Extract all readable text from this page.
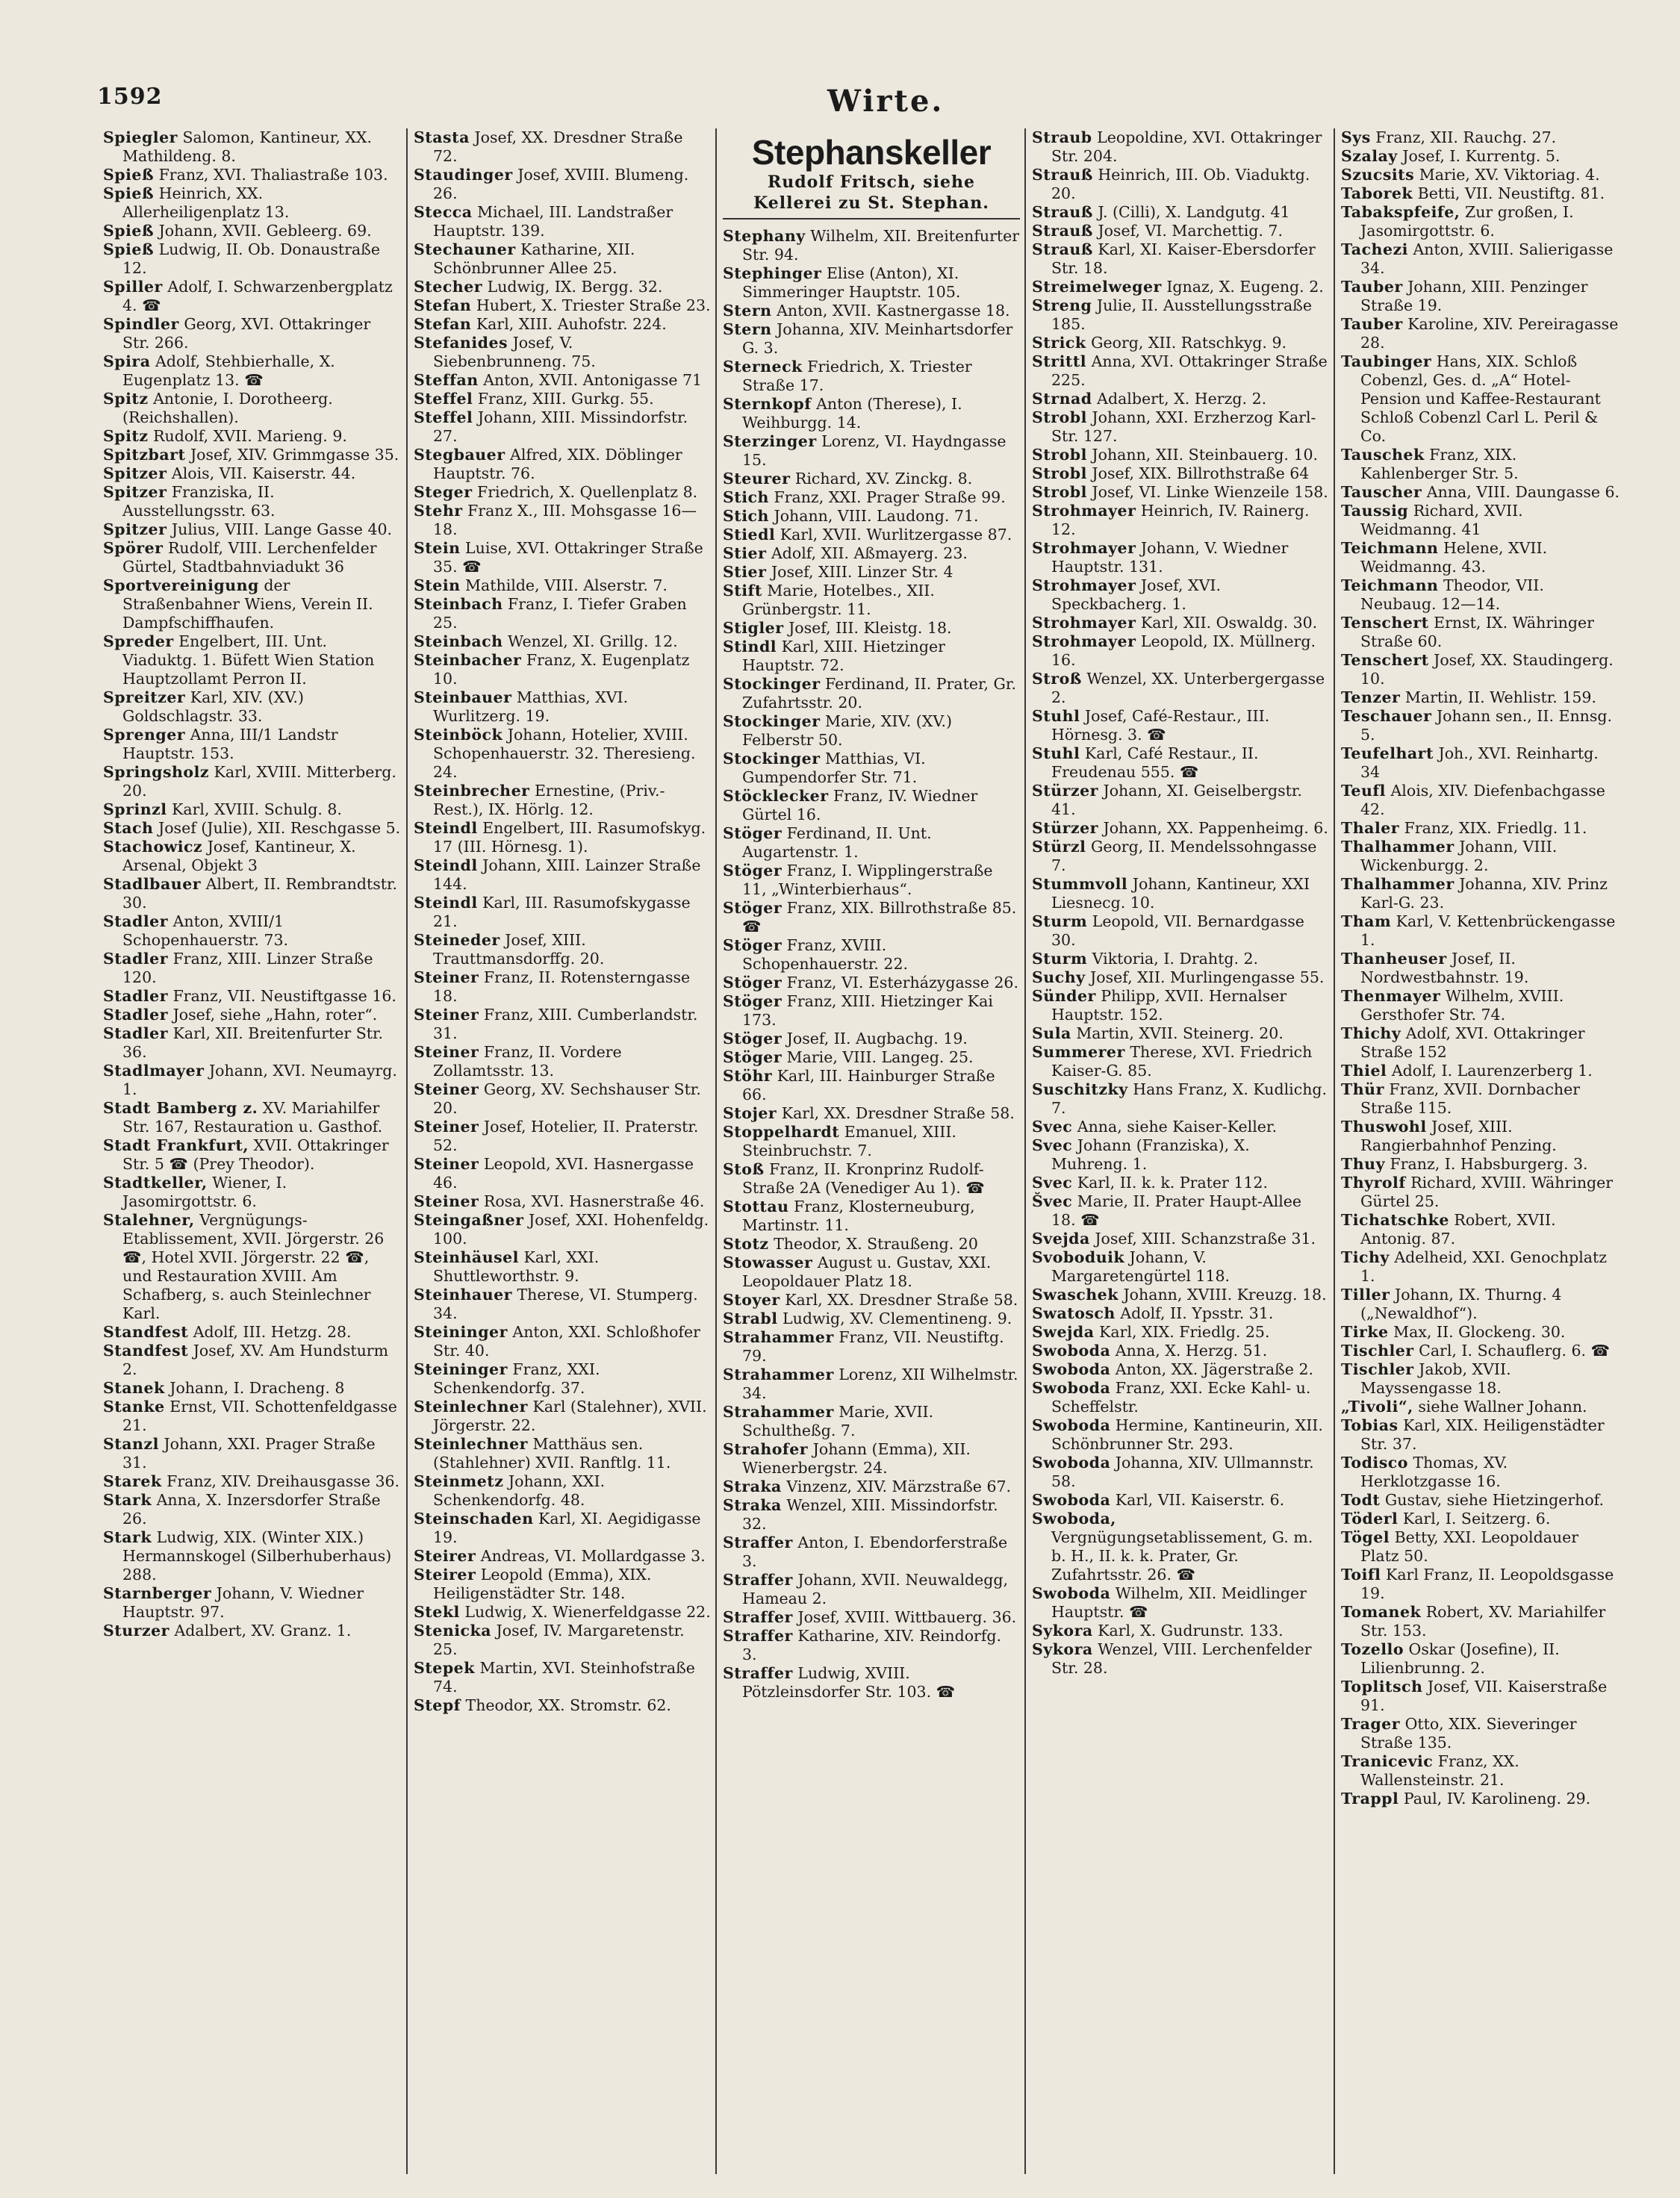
1592	Wirte.
Spiegler Salomon, Kantineur, XX. Mathildeng. 8.
Spieß Franz, XVI. Thaliastraße 103.
Spieß Heinrich, XX. Allerheiligenplatz 13.
Spieß Johann, XVII. Gebleerg. 69.
Spieß Ludwig, II. Ob. Donaustraße 12.
Spiller Adolf, I. Schwarzenbergplatz 4. ☎
Spindler Georg, XVI. Ottakringer Str. 266.
Spira Adolf, Stehbierhalle, X. Eugenplatz 13. ☎
Spitz Antonie, I. Dorotheerg. (Reichshallen).
Spitz Rudolf, XVII. Marieng. 9.
Spitzbart Josef, XIV. Grimmgasse 35.
Spitzer Alois, VII. Kaiserstr. 44.
Spitzer Franziska, II. Ausstellungsstr. 63.
Spitzer Julius, VIII. Lange Gasse 40.
Spörer Rudolf, VIII. Lerchenfelder Gürtel, Stadtbahnviadukt 36
Sportvereinigung der Straßenbahner Wiens, Verein II. Dampfschiffhaufen.
Spreder Engelbert, III. Unt. Viaduktg. 1. Büfett Wien Station Hauptzollamt Perron II.
Spreitzer Karl, XIV. (XV.) Goldschlagstr. 33.
Sprenger Anna, III/1 Landstr Hauptstr. 153.
Springsholz Karl, XVIII. Mitterberg. 20.
Sprinzl Karl, XVIII. Schulg. 8.
Stach Josef (Julie), XII. Reschgasse 5.
Stachowicz Josef, Kantineur, X. Arsenal, Objekt 3
Stadlbauer Albert, II. Rembrandtstr. 30.
Stadler Anton, XVIII/1 Schopenhauerstr. 73.
Stadler Franz, XIII. Linzer Straße 120.
Stadler Franz, VII. Neustiftgasse 16.
Stadler Josef, siehe „Hahn, roter“.
Stadler Karl, XII. Breitenfurter Str. 36.
Stadlmayer Johann, XVI. Neumayrg. 1.
Stadt Bamberg z. XV. Mariahilfer Str. 167, Restauration u. Gasthof.
Stadt Frankfurt, XVII. Ottakringer Str. 5 ☎ (Prey Theodor).
Stadtkeller, Wiener, I. Jasomirgottstr. 6.
Stalehner, Vergnügungs-Etablissement, XVII. Jörgerstr. 26 ☎, Hotel XVII. Jörgerstr. 22 ☎, und Restauration XVIII. Am Schafberg, s. auch Steinlechner Karl.
Standfest Adolf, III. Hetzg. 28.
Standfest Josef, XV. Am Hundsturm 2.
Stanek Johann, I. Dracheng. 8
Stanke Ernst, VII. Schottenfeldgasse 21.
Stanzl Johann, XXI. Prager Straße 31.
Starek Franz, XIV. Dreihausgasse 36.
Stark Anna, X. Inzersdorfer Straße 26.
Stark Ludwig, XIX. (Winter XIX.) Hermannskogel (Silberhuberhaus) 288.
Starnberger Johann, V. Wiedner Hauptstr. 97.
Sturzer Adalbert, XV. Granz. 1.
Stasta Josef, XX. Dresdner Straße 72.
Staudinger Josef, XVIII. Blumeng. 26.
Stecca Michael, III. Landstraßer Hauptstr. 139.
Stechauner Katharine, XII. Schönbrunner Allee 25.
Stecher Ludwig, IX. Bergg. 32.
Stefan Hubert, X. Triester Straße 23.
Stefan Karl, XIII. Auhofstr. 224.
Stefanides Josef, V. Siebenbrunneng. 75.
Steffan Anton, XVII. Antonigasse 71
Steffel Franz, XIII. Gurkg. 55.
Steffel Johann, XIII. Missindorfstr. 27.
Stegbauer Alfred, XIX. Döblinger Hauptstr. 76.
Steger Friedrich, X. Quellenplatz 8.
Stehr Franz X., III. Mohsgasse 16—18.
Stein Luise, XVI. Ottakringer Straße 35. ☎
Stein Mathilde, VIII. Alserstr. 7.
Steinbach Franz, I. Tiefer Graben 25.
Steinbach Wenzel, XI. Grillg. 12.
Steinbacher Franz, X. Eugenplatz 10.
Steinbauer Matthias, XVI. Wurlitzerg. 19.
Steinböck Johann, Hotelier, XVIII. Schopenhauerstr. 32. Theresieng. 24.
Steinbrecher Ernestine, (Priv.-Rest.), IX. Hörlg. 12.
Steindl Engelbert, III. Rasumofskyg. 17 (III. Hörnesg. 1).
Steindl Johann, XIII. Lainzer Straße 144.
Steindl Karl, III. Rasumofskygasse 21.
Steineder Josef, XIII. Trauttmansdorffg. 20.
Steiner Franz, II. Rotensterngasse 18.
Steiner Franz, XIII. Cumberlandstr. 31.
Steiner Franz, II. Vordere Zollamtsstr. 13.
Steiner Georg, XV. Sechshauser Str. 20.
Steiner Josef, Hotelier, II. Praterstr. 52.
Steiner Leopold, XVI. Hasnergasse 46.
Steiner Rosa, XVI. Hasnerstraße 46.
Steingaßner Josef, XXI. Hohenfeldg. 100.
Steinhäusel Karl, XXI. Shuttleworthstr. 9.
Steinhauer Therese, VI. Stumperg. 34.
Steininger Anton, XXI. Schloßhofer Str. 40.
Steininger Franz, XXI. Schenkendorfg. 37.
Steinlechner Karl (Stalehner), XVII. Jörgerstr. 22.
Steinlechner Matthäus sen. (Stahlehner) XVII. Ranftlg. 11.
Steinmetz Johann, XXI. Schenkendorfg. 48.
Steinschaden Karl, XI. Aegidigasse 19.
Steirer Andreas, VI. Mollardgasse 3.
Steirer Leopold (Emma), XIX. Heiligenstädter Str. 148.
Stekl Ludwig, X. Wienerfeldgasse 22.
Stenicka Josef, IV. Margaretenstr. 25.
Stepek Martin, XVI. Steinhofstraße 74.
Stepf Theodor, XX. Stromstr. 62.
Stephanskeller
Rudolf Fritsch, siehe
Kellerei zu St. Stephan.
Stephany Wilhelm, XII. Breitenfurter Str. 94.
Stephinger Elise (Anton), XI. Simmeringer Hauptstr. 105.
Stern Anton, XVII. Kastnergasse 18.
Stern Johanna, XIV. Meinhartsdorfer G. 3.
Sterneck Friedrich, X. Triester Straße 17.
Sternkopf Anton (Therese), I. Weihburgg. 14.
Sterzinger Lorenz, VI. Haydngasse 15.
Steurer Richard, XV. Zinckg. 8.
Stich Franz, XXI. Prager Straße 99.
Stich Johann, VIII. Laudong. 71.
Stiedl Karl, XVII. Wurlitzergasse 87.
Stier Adolf, XII. Aßmayerg. 23.
Stier Josef, XIII. Linzer Str. 4
Stift Marie, Hotelbes., XII. Grünbergstr. 11.
Stigler Josef, III. Kleistg. 18.
Stindl Karl, XIII. Hietzinger Hauptstr. 72.
Stockinger Ferdinand, II. Prater, Gr. Zufahrtsstr. 20.
Stockinger Marie, XIV. (XV.) Felberstr 50.
Stockinger Matthias, VI. Gumpendorfer Str. 71.
Stöcklecker Franz, IV. Wiedner Gürtel 16.
Stöger Ferdinand, II. Unt. Augartenstr. 1.
Stöger Franz, I. Wipplingerstraße 11, „Winterbierhaus“.
Stöger Franz, XIX. Billrothstraße 85. ☎
Stöger Franz, XVIII. Schopenhauerstr. 22.
Stöger Franz, VI. Esterházygasse 26.
Stöger Franz, XIII. Hietzinger Kai 173.
Stöger Josef, II. Augbachg. 19.
Stöger Marie, VIII. Langeg. 25.
Stöhr Karl, III. Hainburger Straße 66.
Stojer Karl, XX. Dresdner Straße 58.
Stoppelhardt Emanuel, XIII. Steinbruchstr. 7.
Stoß Franz, II. Kronprinz Rudolf-Straße 2A (Venediger Au 1). ☎
Stottau Franz, Klosterneuburg, Martinstr. 11.
Stotz Theodor, X. Straußeng. 20
Stowasser August u. Gustav, XXI. Leopoldauer Platz 18.
Stoyer Karl, XX. Dresdner Straße 58.
Strabl Ludwig, XV. Clementineng. 9.
Strahammer Franz, VII. Neustiftg. 79.
Strahammer Lorenz, XII Wilhelmstr. 34.
Strahammer Marie, XVII. Schultheßg. 7.
Strahofer Johann (Emma), XII. Wienerbergstr. 24.
Straka Vinzenz, XIV. Märzstraße 67.
Straka Wenzel, XIII. Missindorfstr. 32.
Straffer Anton, I. Ebendorferstraße 3.
Straffer Johann, XVII. Neuwaldegg, Hameau 2.
Straffer Josef, XVIII. Wittbauerg. 36.
Straffer Katharine, XIV. Reindorfg. 3.
Straffer Ludwig, XVIII. Pötzleinsdorfer Str. 103. ☎
Straub Leopoldine, XVI. Ottakringer Str. 204.
Strauß Heinrich, III. Ob. Viaduktg. 20.
Strauß J. (Cilli), X. Landgutg. 41
Strauß Josef, VI. Marchettig. 7.
Strauß Karl, XI. Kaiser-Ebersdorfer Str. 18.
Streimelweger Ignaz, X. Eugeng. 2.
Streng Julie, II. Ausstellungsstraße 185.
Strick Georg, XII. Ratschkyg. 9.
Strittl Anna, XVI. Ottakringer Straße 225.
Strnad Adalbert, X. Herzg. 2.
Strobl Johann, XXI. Erzherzog Karl-Str. 127.
Strobl Johann, XII. Steinbauerg. 10.
Strobl Josef, XIX. Billrothstraße 64
Strobl Josef, VI. Linke Wienzeile 158.
Strohmayer Heinrich, IV. Rainerg. 12.
Strohmayer Johann, V. Wiedner Hauptstr. 131.
Strohmayer Josef, XVI. Speckbacherg. 1.
Strohmayer Karl, XII. Oswaldg. 30.
Strohmayer Leopold, IX. Müllnerg. 16.
Stroß Wenzel, XX. Unterbergergasse 2.
Stuhl Josef, Café-Restaur., III. Hörnesg. 3. ☎
Stuhl Karl, Café Restaur., II. Freudenau 555. ☎
Stürzer Johann, XI. Geiselbergstr. 41.
Stürzer Johann, XX. Pappenheimg. 6.
Stürzl Georg, II. Mendelssohngasse 7.
Stummvoll Johann, Kantineur, XXI Liesnecg. 10.
Sturm Leopold, VII. Bernardgasse 30.
Sturm Viktoria, I. Drahtg. 2.
Suchy Josef, XII. Murlingengasse 55.
Sünder Philipp, XVII. Hernalser Hauptstr. 152.
Sula Martin, XVII. Steinerg. 20.
Summerer Therese, XVI. Friedrich Kaiser-G. 85.
Suschitzky Hans Franz, X. Kudlichg. 7.
Svec Anna, siehe Kaiser-Keller.
Svec Johann (Franziska), X. Muhreng. 1.
Svec Karl, II. k. k. Prater 112.
Švec Marie, II. Prater Haupt-Allee 18. ☎
Svejda Josef, XIII. Schanzstraße 31.
Svoboduik Johann, V. Margaretengürtel 118.
Swaschek Johann, XVIII. Kreuzg. 18.
Swatosch Adolf, II. Ypsstr. 31.
Swejda Karl, XIX. Friedlg. 25.
Swoboda Anna, X. Herzg. 51.
Swoboda Anton, XX. Jägerstraße 2.
Swoboda Franz, XXI. Ecke Kahl- u. Scheffelstr.
Swoboda Hermine, Kantineurin, XII. Schönbrunner Str. 293.
Swoboda Johanna, XIV. Ullmannstr. 58.
Swoboda Karl, VII. Kaiserstr. 6.
Swoboda, Vergnügungsetablissement, G. m. b. H., II. k. k. Prater, Gr. Zufahrtsstr. 26. ☎
Swoboda Wilhelm, XII. Meidlinger Hauptstr. ☎
Sykora Karl, X. Gudrunstr. 133.
Sykora Wenzel, VIII. Lerchenfelder Str. 28.
Sys Franz, XII. Rauchg. 27.
Szalay Josef, I. Kurrentg. 5.
Szucsits Marie, XV. Viktoriag. 4.
Taborek Betti, VII. Neustiftg. 81.
Tabakspfeife, Zur großen, I. Jasomirgottstr. 6.
Tachezi Anton, XVIII. Salierigasse 34.
Tauber Johann, XIII. Penzinger Straße 19.
Tauber Karoline, XIV. Pereiragasse 28.
Taubinger Hans, XIX. Schloß Cobenzl, Ges. d. „A“ Hotel-Pension und Kaffee-Restaurant Schloß Cobenzl Carl L. Peril & Co.
Tauschek Franz, XIX. Kahlenberger Str. 5.
Tauscher Anna, VIII. Daungasse 6.
Taussig Richard, XVII. Weidmanng. 41
Teichmann Helene, XVII. Weidmanng. 43.
Teichmann Theodor, VII. Neubaug. 12—14.
Tenschert Ernst, IX. Währinger Straße 60.
Tenschert Josef, XX. Staudingerg. 10.
Tenzer Martin, II. Wehlistr. 159.
Teschauer Johann sen., II. Ennsg. 5.
Teufelhart Joh., XVI. Reinhartg. 34
Teufl Alois, XIV. Diefenbachgasse 42.
Thaler Franz, XIX. Friedlg. 11.
Thalhammer Johann, VIII. Wickenburgg. 2.
Thalhammer Johanna, XIV. Prinz Karl-G. 23.
Tham Karl, V. Kettenbrückengasse 1.
Thanheuser Josef, II. Nordwestbahnstr. 19.
Thenmayer Wilhelm, XVIII. Gersthofer Str. 74.
Thichy Adolf, XVI. Ottakringer Straße 152
Thiel Adolf, I. Laurenzerberg 1.
Thür Franz, XVII. Dornbacher Straße 115.
Thuswohl Josef, XIII. Rangierbahnhof Penzing.
Thuy Franz, I. Habsburgerg. 3.
Thyrolf Richard, XVIII. Währinger Gürtel 25.
Tichatschke Robert, XVII. Antonig. 87.
Tichy Adelheid, XXI. Genochplatz 1.
Tiller Johann, IX. Thurng. 4 („Newaldhof“).
Tirke Max, II. Glockeng. 30.
Tischler Carl, I. Schauflerg. 6. ☎
Tischler Jakob, XVII. Mayssengasse 18.
„Tivoli“, siehe Wallner Johann.
Tobias Karl, XIX. Heiligenstädter Str. 37.
Todisco Thomas, XV. Herklotzgasse 16.
Todt Gustav, siehe Hietzingerhof.
Töderl Karl, I. Seitzerg. 6.
Tögel Betty, XXI. Leopoldauer Platz 50.
Toifl Karl Franz, II. Leopoldsgasse 19.
Tomanek Robert, XV. Mariahilfer Str. 153.
Tozello Oskar (Josefine), II. Lilienbrunng. 2.
Toplitsch Josef, VII. Kaiserstraße 91.
Trager Otto, XIX. Sieveringer Straße 135.
Tranicevic Franz, XX. Wallensteinstr. 21.
Trappl Paul, IV. Karolineng. 29.
